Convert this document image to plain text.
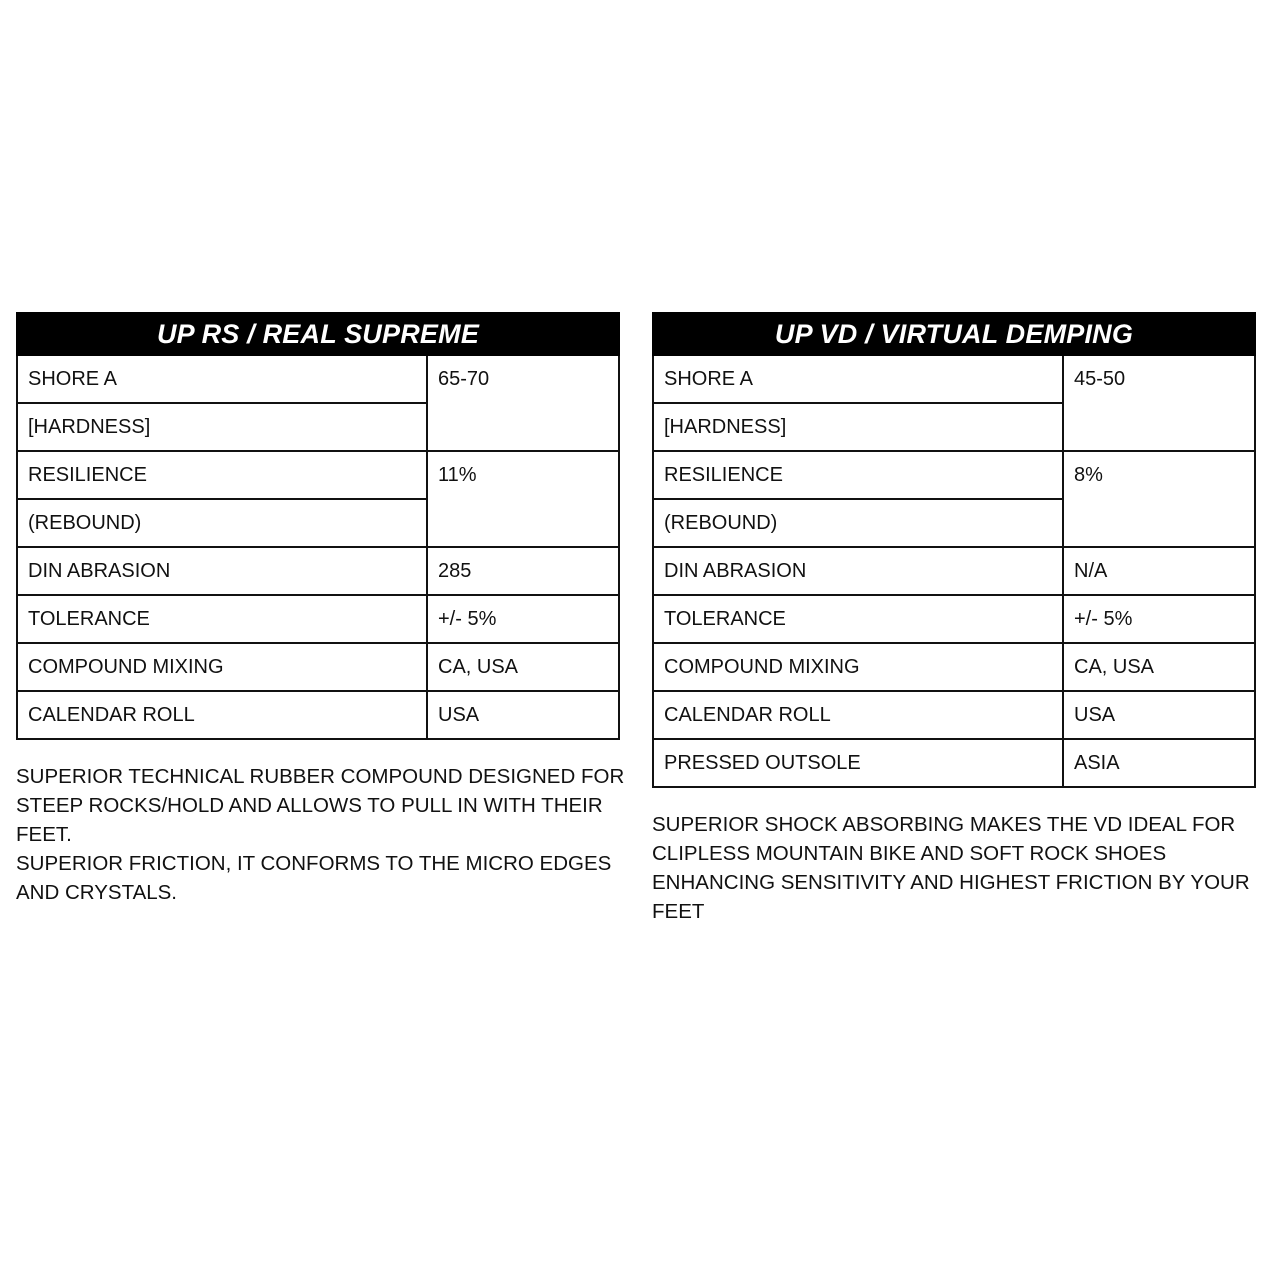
UP RS / REAL SUPREME	
SHORE A	65-70
[HARDNESS]	
RESILIENCE	11%
(REBOUND)	
DIN ABRASION	285
TOLERANCE	+/- 5%
COMPOUND MIXING	CA, USA
CALENDAR ROLL	USA

SUPERIOR TECHNICAL RUBBER COMPOUND DESIGNED FOR STEEP ROCKS/HOLD AND ALLOWS TO PULL IN WITH THEIR FEET.

SUPERIOR FRICTION, IT CONFORMS TO THE MICRO EDGES AND CRYSTALS.

UP VD / VIRTUAL DEMPING	
SHORE A	45-50
[HARDNESS]	
RESILIENCE	8%
(REBOUND)	
DIN ABRASION	N/A
TOLERANCE	+/- 5%
COMPOUND MIXING	CA, USA
CALENDAR ROLL	USA
PRESSED OUTSOLE	ASIA

SUPERIOR SHOCK ABSORBING MAKES THE VD IDEAL FOR CLIPLESS MOUNTAIN BIKE AND SOFT ROCK SHOES ENHANCING SENSITIVITY AND HIGHEST FRICTION BY YOUR FEET
